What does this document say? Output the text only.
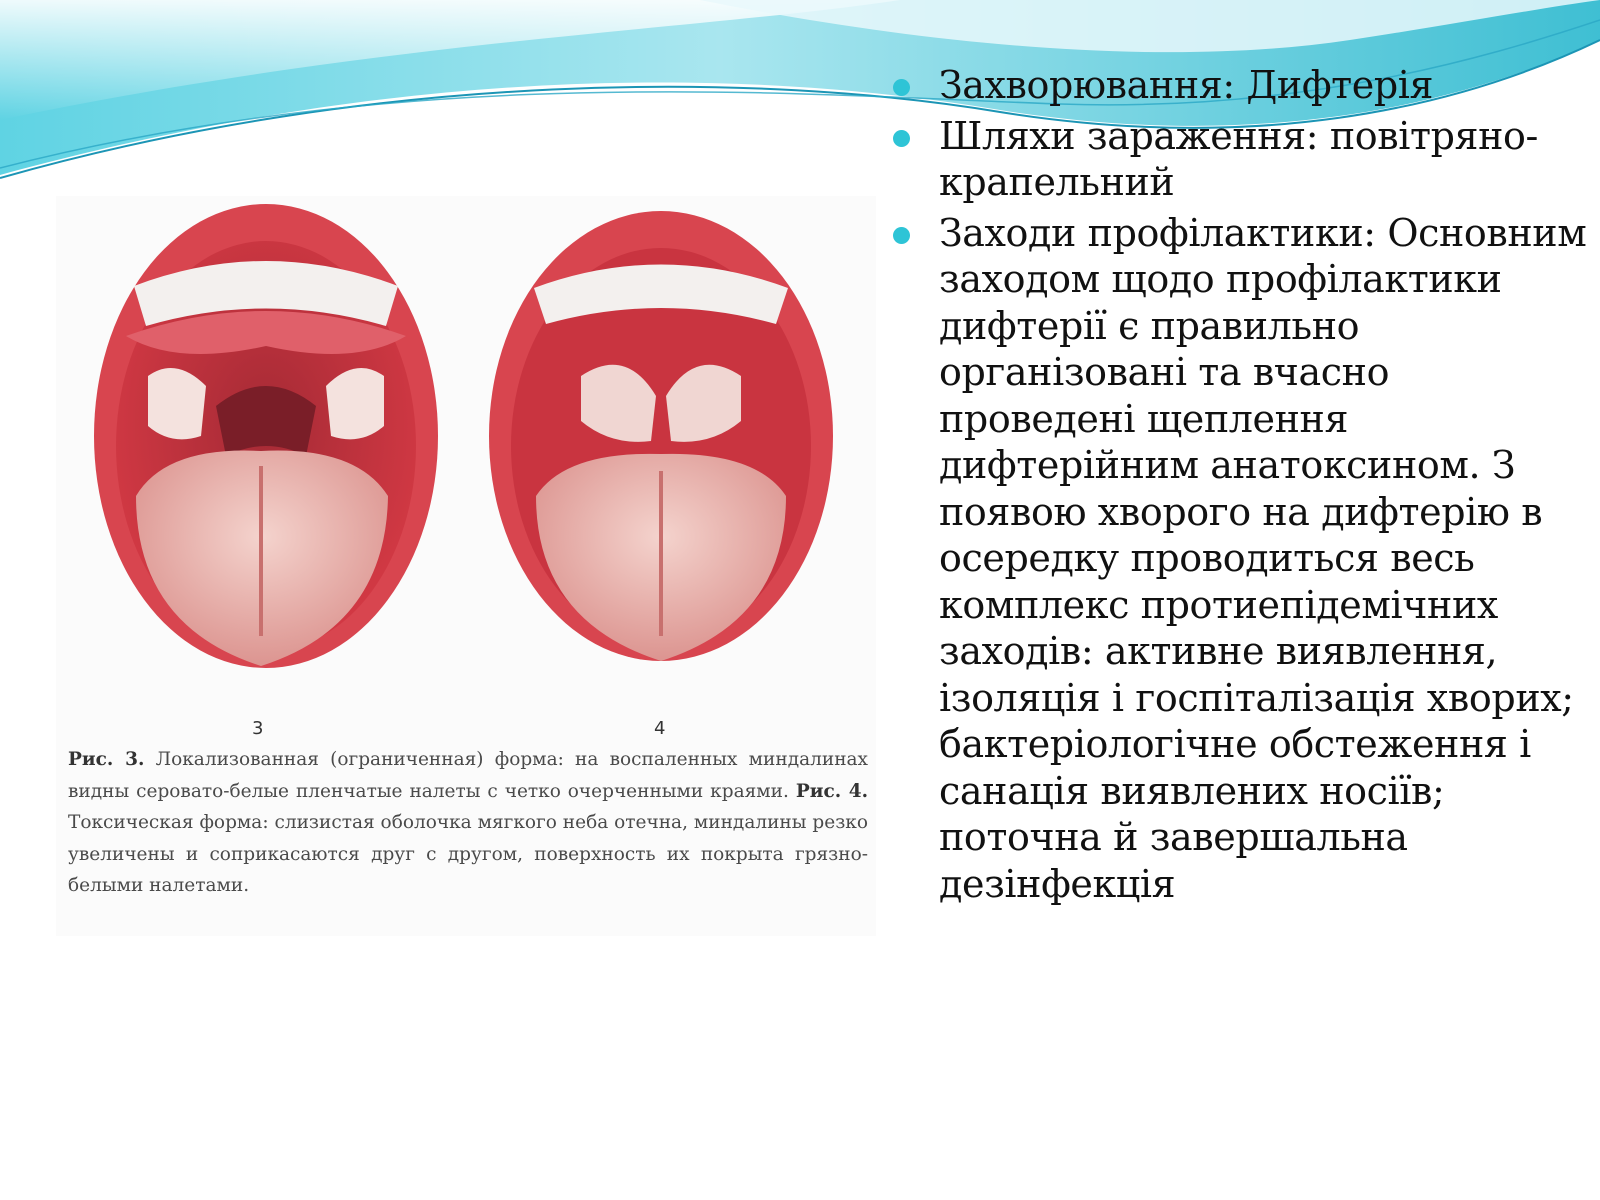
3	4
Рис. 3. Локализованная (ограниченная) форма: на воспаленных миндалинах видны серовато-белые пленчатые налеты с четко очерченными краями. Рис. 4. Токсическая форма: слизистая оболочка мягкого неба отечна, миндалины резко увеличены и соприкасаются друг с другом, поверхность их покрыта грязно-белыми налетами.
Захворювання: Дифтерія
Шляхи зараження: повітряно-крапельний
Заходи профілактики: Основним заходом щодо профілактики дифтерії є правильно організовані та вчасно проведені щеплення дифтерійним анатоксином. З появою хворого на дифтерію в осередку проводиться весь комплекс протиепідемічних заходів: активне виявлення, ізоляція і госпіталізація хворих; бактеріологічне обстеження і санація виявлених носіїв; поточна й завершальна дезінфекція
